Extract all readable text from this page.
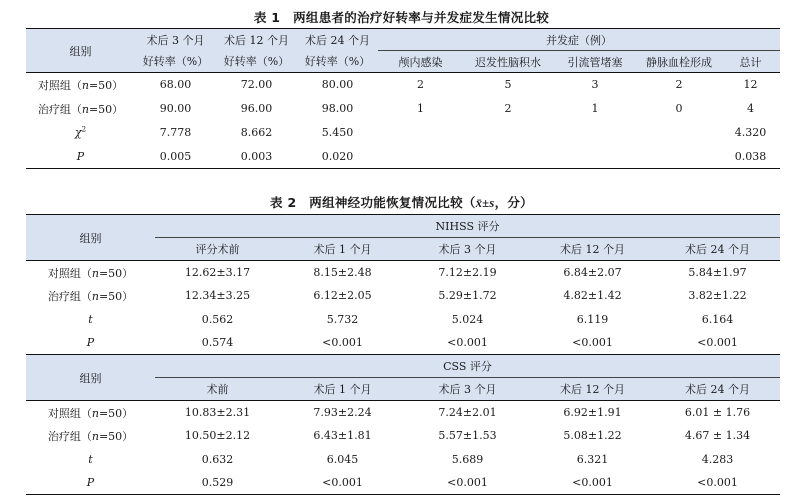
表 1　两组患者的治疗好转率与并发症发生情况比较
组别	术后 3 个月	术后 12 个月	术后 24 个月	并发症（例）				
	好转率（%）	好转率（%）	好转率（%）	颅内感染	迟发性脑积水	引流管堵塞	静脉血栓形成	总计
对照组（n=50）	68.00	72.00	80.00	2	5	3	2	12
治疗组（n=50）	90.00	96.00	98.00	1	2	1	0	4
$\chi^2$	7.778	8.662	5.450					4.320
P	0.005	0.003	0.020					0.038
表 2　两组神经功能恢复情况比较（x̄±s，分）
组别	NIHSS 评分				
	评分术前	术后 1 个月	术后 3 个月	术后 12 个月	术后 24 个月
对照组（n=50）	12.62±3.17	8.15±2.48	7.12±2.19	6.84±2.07	5.84±1.97
治疗组（n=50）	12.34±3.25	6.12±2.05	5.29±1.72	4.82±1.42	3.82±1.22
t	0.562	5.732	5.024	6.119	6.164
P	0.574	<0.001	<0.001	<0.001	<0.001
组别	CSS 评分				
	术前	术后 1 个月	术后 3 个月	术后 12 个月	术后 24 个月
对照组（n=50）	10.83±2.31	7.93±2.24	7.24±2.01	6.92±1.91	6.01 ± 1.76
治疗组（n=50）	10.50±2.12	6.43±1.81	5.57±1.53	5.08±1.22	4.67 ± 1.34
t	0.632	6.045	5.689	6.321	4.283
P	0.529	<0.001	<0.001	<0.001	<0.001
